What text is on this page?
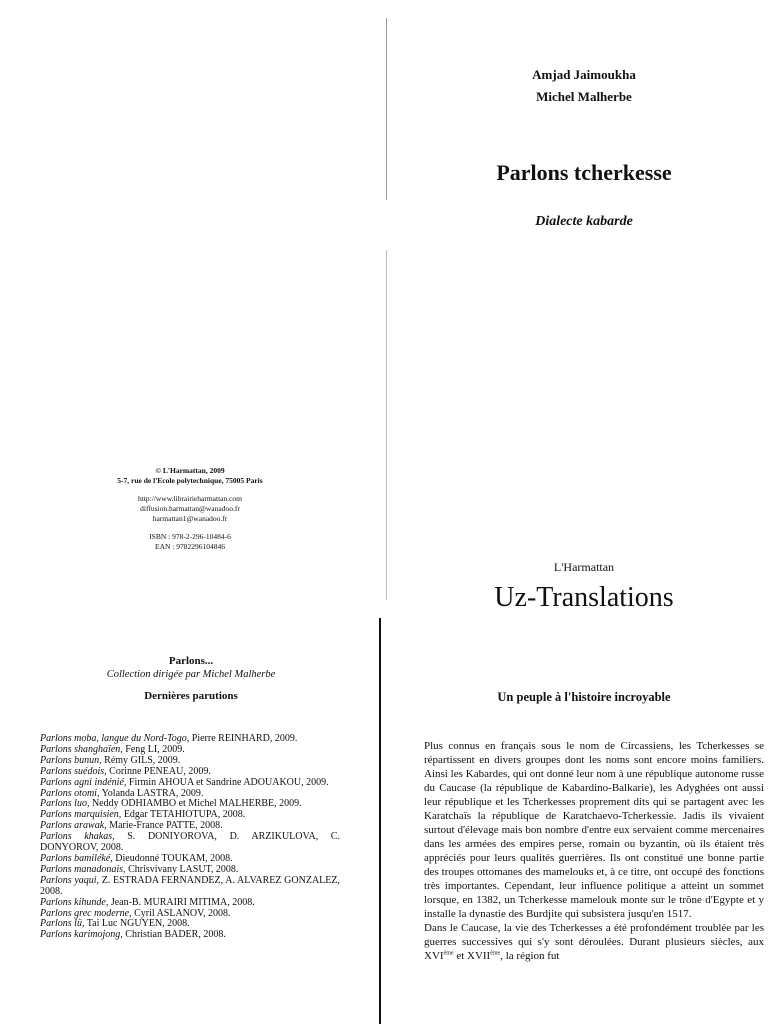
© L'Harmattan, 2009
5-7, rue de l'Ecole polytechnique, 75005 Paris
http://www.librairieharmattan.com
diffusion.harmattan@wanadoo.fr
harmattan1@wanadoo.fr
ISBN : 978-2-296-10484-6
EAN : 9782296104846
Parlons...
Collection dirigée par Michel Malherbe
Dernières parutions
Parlons moba, langue du Nord-Togo, Pierre REINHARD, 2009.
Parlons shanghaïen, Feng LI, 2009.
Parlons bunun, Rémy GILS, 2009.
Parlons suédois, Corinne PENEAU, 2009.
Parlons agni indénié, Firmin AHOUA et Sandrine ADOUAKOU, 2009.
Parlons otomi, Yolanda LASTRA, 2009.
Parlons luo, Neddy ODHIAMBO et Michel MALHERBE, 2009.
Parlons marquisien, Edgar TETAHIOTUPA, 2008.
Parlons arawak, Marie-France PATTE, 2008.
Parlons khakas, S. DONIYOROVA, D. ARZIKULOVA, C. DONYOROV, 2008.
Parlons bamiléké, Dieudonné TOUKAM, 2008.
Parlons manadonais, Chrisvivany LASUT, 2008.
Parlons yaqui, Z. ESTRADA FERNANDEZ, A. ALVAREZ GONZALEZ, 2008.
Parlons kihunde, Jean-B. MURAIRI MITIMA, 2008.
Parlons grec moderne, Cyril ASLANOV, 2008.
Parlons lü, Tai Luc NGUYEN, 2008.
Parlons karimojong, Christian BADER, 2008.
Amjad Jaimoukha
Michel Malherbe
Parlons tcherkesse
Dialecte kabarde
L'Harmattan
Uz-Translations
Un peuple à l'histoire incroyable

Plus connus en français sous le nom de Circassiens, les Tcherkesses se répartissent en divers groupes dont les noms sont encore moins familiers. Ainsi les Kabardes, qui ont donné leur nom à une république autonome russe du Caucase (la république de Kabardino-Balkarie), les Adyghées ont aussi leur république et les Tcherkesses proprement dits qui se partagent avec les Karatchaïs la république de Karatchaevo-Tcherkessie. Jadis ils vivaient surtout d'élevage mais bon nombre d'entre eux servaient comme mercenaires dans les armées des empires perse, romain ou byzantin, où ils étaient très appréciés pour leurs qualités guerrières. Ils ont constitué une bonne partie des troupes ottomanes des mamelouks et, à ce titre, ont occupé des fonctions très importantes. Cependant, leur influence politique a atteint un sommet lorsque, en 1382, un Tcherkesse mamelouk monte sur le trône d'Egypte et y installe la dynastie des Burdjite qui subsistera jusqu'en 1517.

Dans le Caucase, la vie des Tcherkesses a été profondément troublée par les guerres successives qui s'y sont déroulées. Durant plusieurs siècles, aux XVIème et XVIIème, la région fut
